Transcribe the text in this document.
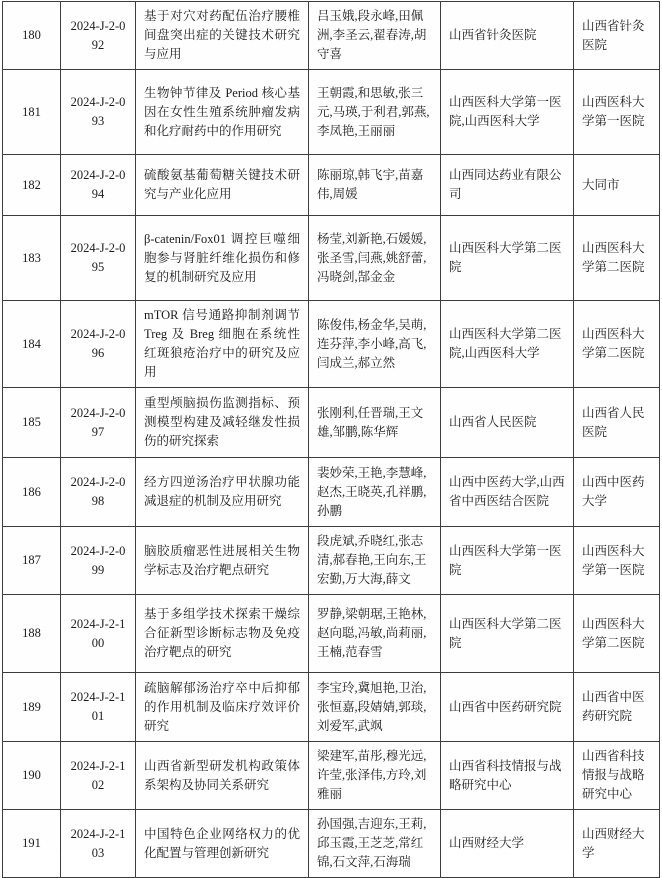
180	2024-J-2-092	基于对穴对药配伍治疗腰椎间盘突出症的关键技术研究与应用	吕玉娥,段永峰,田佩洲,李圣云,翟春涛,胡守喜	山西省针灸医院	山西省针灸医院
181	2024-J-2-093	生物钟节律及 Period 核心基因在女性生殖系统肿瘤发病和化疗耐药中的作用研究	王朝霞,和思敏,张三元,马瑛,于利君,郭燕,李凤艳,王丽丽	山西医科大学第一医院,山西医科大学	山西医科大学第一医院
182	2024-J-2-094	硫酸氨基葡萄糖关键技术研究与产业化应用	陈丽琼,韩飞宇,苗嘉伟,周媛	山西同达药业有限公司	大同市
183	2024-J-2-095	β-catenin/Fox01 调控巨噬细胞参与肾脏纤维化损伤和修复的机制研究及应用	杨莹,刘新艳,石媛媛,张圣雪,闫燕,姚舒蕾,冯晓剑,郜金金	山西医科大学第二医院	山西医科大学第二医院
184	2024-J-2-096	mTOR 信号通路抑制剂调节 Treg 及 Breg 细胞在系统性红斑狼疮治疗中的研究及应用	陈俊伟,杨金华,吴萌,连芬萍,李小峰,高飞,闫成兰,郝立然	山西医科大学第二医院,山西医科大学	山西医科大学第二医院
185	2024-J-2-097	重型颅脑损伤监测指标、预测模型构建及减轻继发性损伤的研究探索	张刚利,任晋瑞,王文雄,邹鹏,陈华辉	山西省人民医院	山西省人民医院
186	2024-J-2-098	经方四逆汤治疗甲状腺功能减退症的机制及应用研究	裴妙荣,王艳,李慧峰,赵杰,王晓英,孔祥鹏,孙鹏	山西中医药大学,山西省中西医结合医院	山西中医药大学
187	2024-J-2-099	脑胶质瘤恶性进展相关生物学标志及治疗靶点研究	段虎斌,乔晓红,张志清,郝春艳,王向东,王宏勤,万大海,薛文	山西医科大学第一医院	山西医科大学第一医院
188	2024-J-2-100	基于多组学技术探索干燥综合征新型诊断标志物及免疫治疗靶点的研究	罗静,梁朝琚,王艳林,赵向聪,冯敏,尚莉丽,王楠,范春雪	山西医科大学第二医院	山西医科大学第二医院
189	2024-J-2-101	疏脑解郁汤治疗卒中后抑郁的作用机制及临床疗效评价研究	李宝玲,冀旭艳,卫治,张恒嘉,段婧婧,郭琰,刘爱军,武飒	山西省中医药研究院	山西省中医药研究院
190	2024-J-2-102	山西省新型研发机构政策体系架构及协同关系研究	梁建军,苗彤,穆光远,许莹,张泽伟,方玲,刘雅丽	山西省科技情报与战略研究中心	山西省科技情报与战略研究中心
191	2024-J-2-103	中国特色企业网络权力的优化配置与管理创新研究	孙国强,吉迎东,王莉,邱玉霞,王芝芝,常红锦,石文萍,石海瑞	山西财经大学	山西财经大学
